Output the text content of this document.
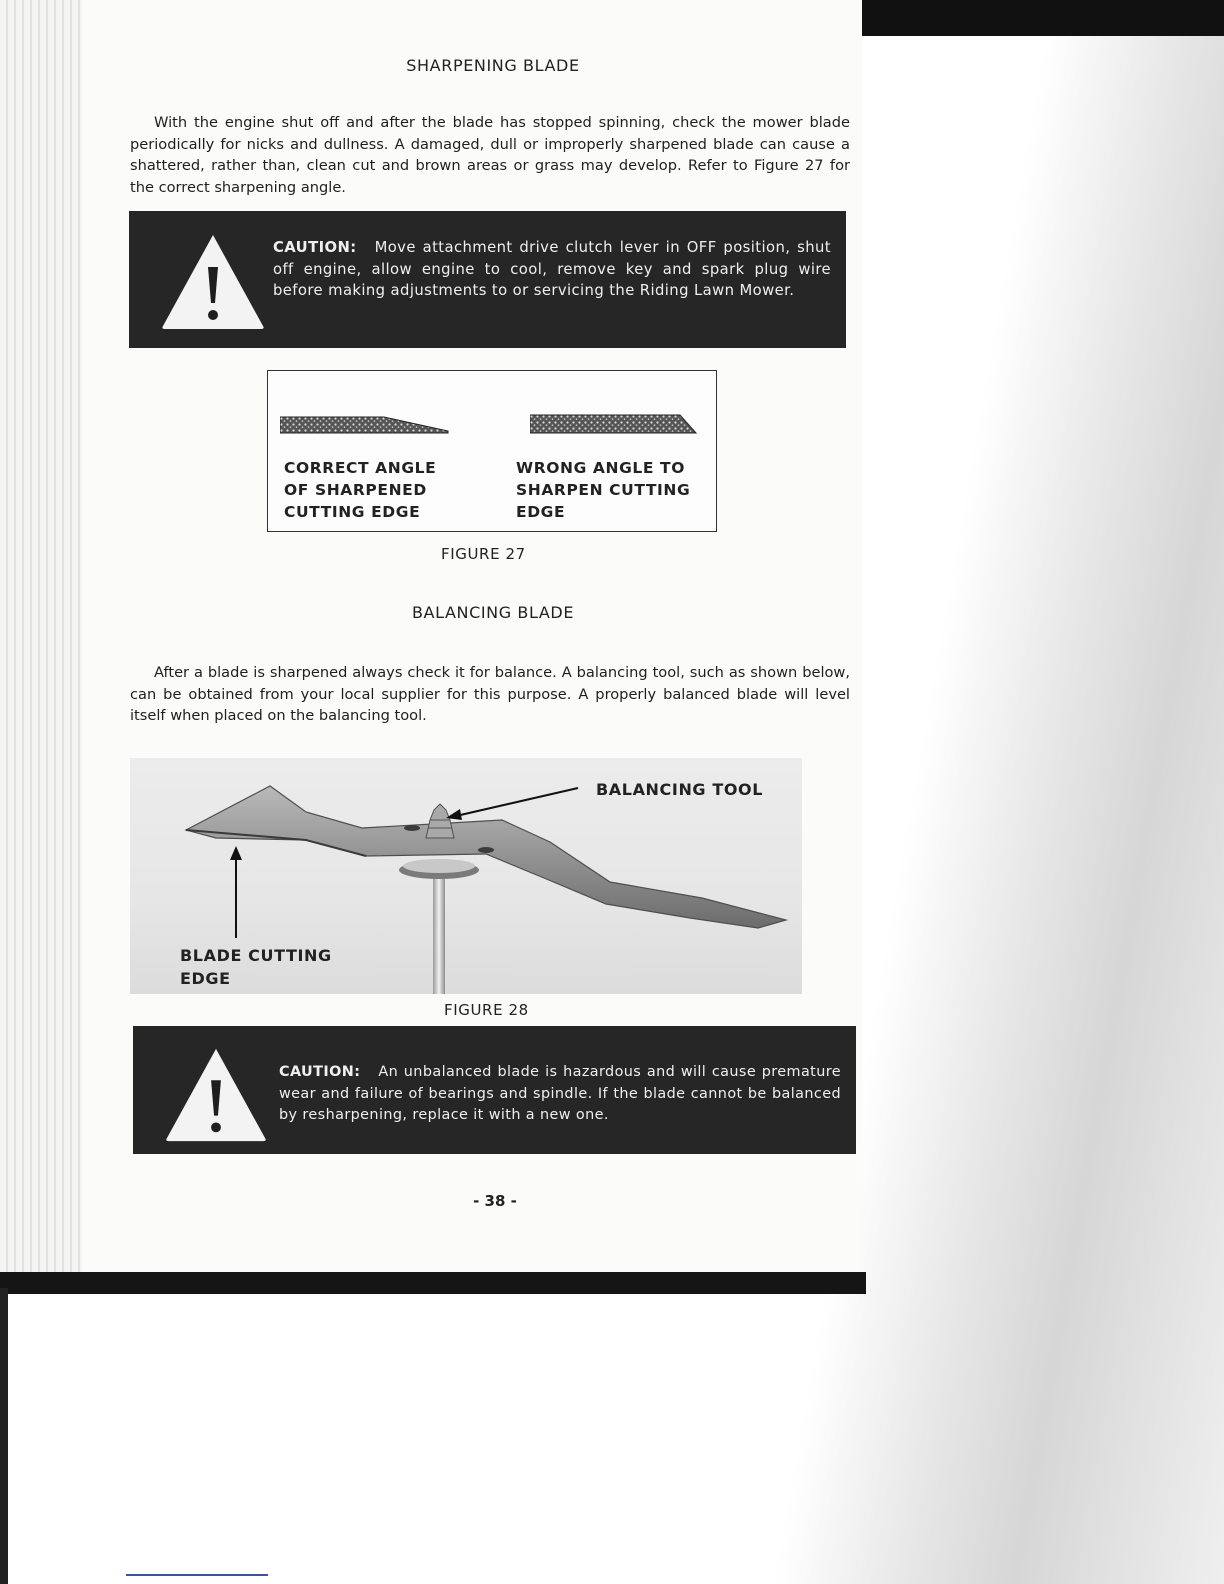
SHARPENING BLADE
With the engine shut off and after the blade has stopped spinning, check the mower blade periodically for nicks and dullness. A damaged, dull or improperly sharpened blade can cause a shattered, rather than, clean cut and brown areas or grass may develop. Refer to Figure 27 for the correct sharpening angle.
CAUTION: Move attachment drive clutch lever in OFF position, shut off engine, allow engine to cool, remove key and spark plug wire before making adjustments to or servicing the Riding Lawn Mower.
CORRECT ANGLE
OF SHARPENED
CUTTING EDGE
WRONG ANGLE TO
SHARPEN CUTTING
EDGE
FIGURE 27
BALANCING BLADE
After a blade is sharpened always check it for balance. A balancing tool, such as shown below, can be obtained from your local supplier for this purpose. A properly balanced blade will level itself when placed on the balancing tool.
BALANCING TOOL
BLADE CUTTING
EDGE
FIGURE 28
CAUTION: An unbalanced blade is hazardous and will cause premature wear and failure of bearings and spindle. If the blade cannot be balanced by resharpening, replace it with a new one.
- 38 -
